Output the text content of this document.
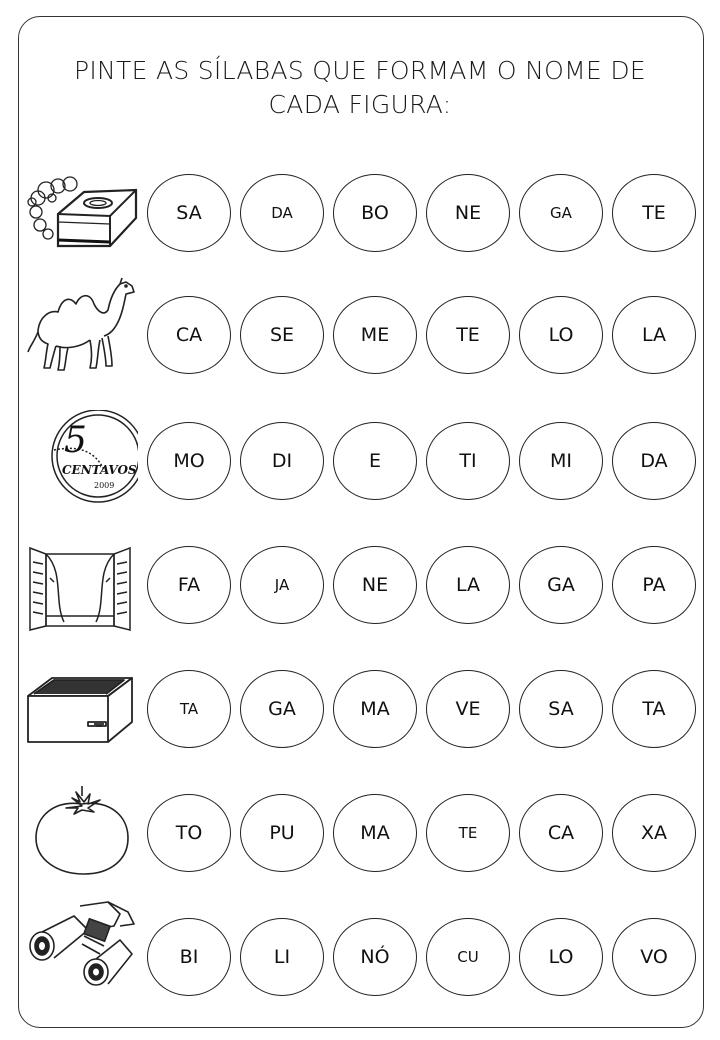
PINTE AS SÍLABAS QUE FORMAM O NOME DE
CADA FIGURA:
SA	DA	BO	NE	GA	TE
CA	SE	ME	TE	LO	LA
5
CENTAVOS
2009
MO	DI	E	TI	MI	DA
FA	JA	NE	LA	GA	PA
TA	GA	MA	VE	SA	TA
TO	PU	MA	TE	CA	XA
BI	LI	NÓ	CU	LO	VO
